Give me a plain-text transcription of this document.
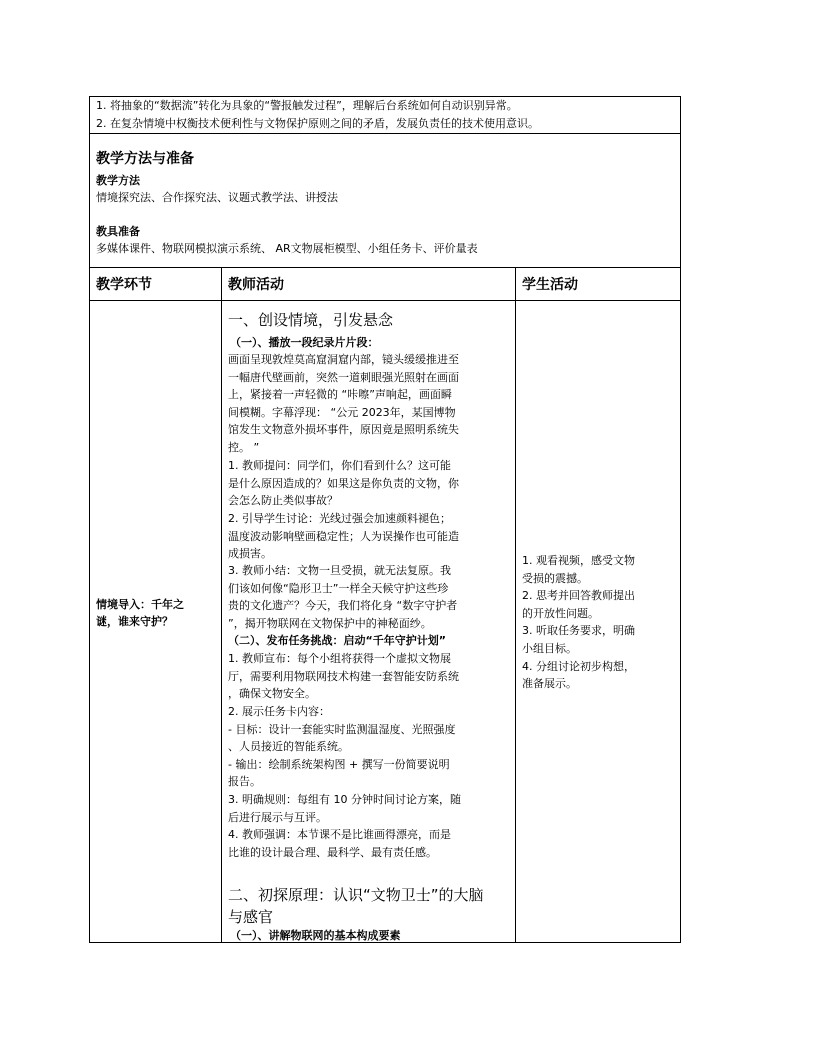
1. 将抽象的“数据流”转化为具象的“警报触发过程”，理解后台系统如何自动识别异常。
2. 在复杂情境中权衡技术便利性与文物保护原则之间的矛盾，发展负责任的技术使用意识。
教学方法与准备
教学方法
情境探究法、合作探究法、议题式教学法、讲授法
教具准备
多媒体课件、物联网模拟演示系统、 AR文物展柜模型、小组任务卡、评价量表
教学环节	教师活动	学生活动
情境导入：千年之
谜，谁来守护？
一、创设情境，引发悬念
（一）、播放一段纪录片片段：
画面呈现敦煌莫高窟洞窟内部，镜头缓缓推进至
一幅唐代壁画前，突然一道刺眼强光照射在画面
上，紧接着一声轻微的 “咔嚓”声响起，画面瞬
间模糊。字幕浮现： “公元 2023年，某国博物
馆发生文物意外损坏事件，原因竟是照明系统失
控。 ”
1. 教师提问：同学们，你们看到什么？这可能
是什么原因造成的？如果这是你负责的文物，你
会怎么防止类似事故？
2. 引导学生讨论：光线过强会加速颜料褪色；
温度波动影响壁画稳定性；人为误操作也可能造
成损害。
3. 教师小结：文物一旦受损，就无法复原。我
们该如何像“隐形卫士”一样全天候守护这些珍
贵的文化遗产？今天，我们将化身 “数字守护者
”，揭开物联网在文物保护中的神秘面纱。
（二）、发布任务挑战：启动“千年守护计划”
1. 教师宣布：每个小组将获得一个虚拟文物展
厅，需要利用物联网技术构建一套智能安防系统
，确保文物安全。
2. 展示任务卡内容：
- 目标：设计一套能实时监测温湿度、光照强度
、人员接近的智能系统。
- 输出：绘制系统架构图 + 撰写一份简要说明
报告。
3. 明确规则：每组有 10 分钟时间讨论方案，随
后进行展示与互评。
4. 教师强调：本节课不是比谁画得漂亮，而是
比谁的设计最合理、最科学、最有责任感。
二、初探原理：认识“文物卫士”的大脑
与感官
（一）、讲解物联网的基本构成要素
1. 观看视频，感受文物
受损的震撼。
2. 思考并回答教师提出
的开放性问题。
3. 听取任务要求，明确
小组目标。
4. 分组讨论初步构想，
准备展示。
